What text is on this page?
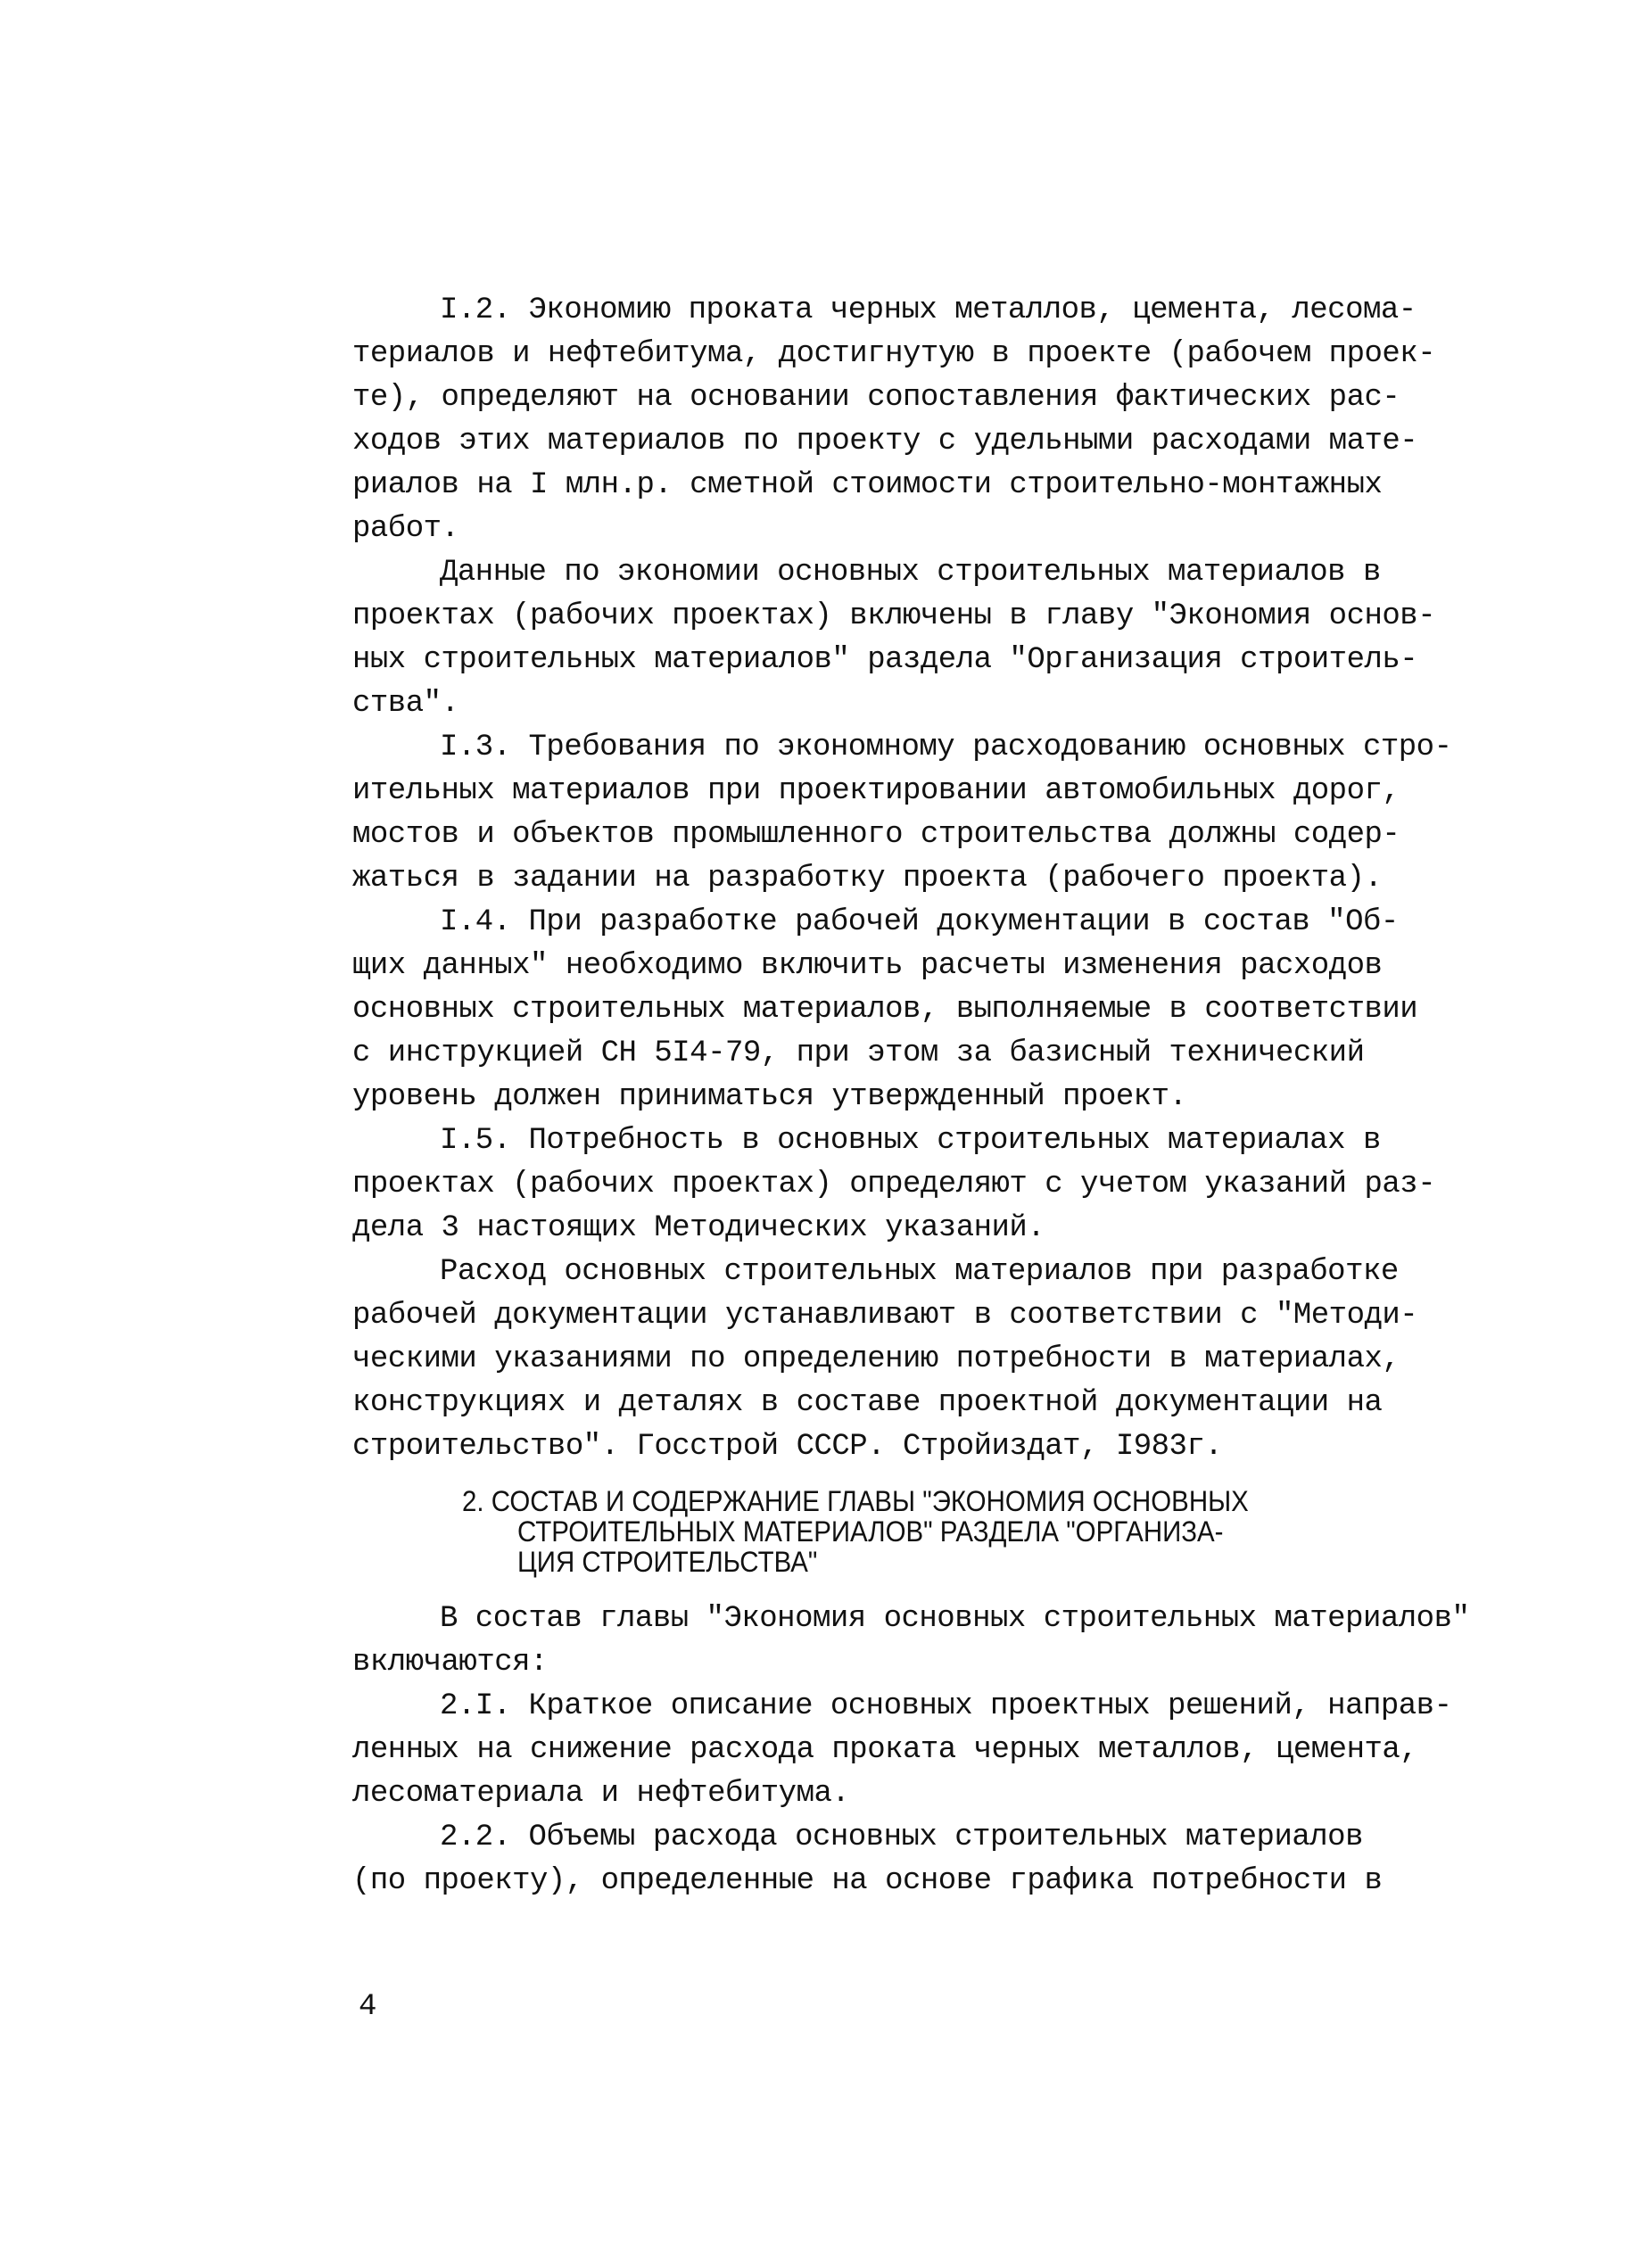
I.2. Экономию проката черных металлов, цемента, лесома-
териалов и нефтебитума, достигнутую в проекте (рабочем проек-
те), определяют на основании сопоставления фактических рас-
ходов этих материалов по проекту с удельными расходами мате-
риалов на I млн.р. сметной стоимости строительно-монтажных
работ.
Данные по экономии основных строительных материалов в
проектах (рабочих проектах) включены в главу "Экономия основ-
ных строительных материалов" раздела "Организация строитель-
ства".
I.3. Требования по экономному расходованию основных стро-
ительных материалов при проектировании автомобильных дорог,
мостов и объектов промышленного строительства должны содер-
жаться в задании на разработку проекта (рабочего проекта).
I.4. При разработке рабочей документации в состав "Об-
щих данных" необходимо включить расчеты изменения расходов
основных строительных материалов, выполняемые в соответствии
с инструкцией СН 5I4-79, при этом за базисный технический
уровень должен приниматься утвержденный проект.
I.5. Потребность в основных строительных материалах в
проектах (рабочих проектах) определяют с учетом указаний раз-
дела 3 настоящих Методических указаний.
Расход основных строительных материалов при разработке
рабочей документации устанавливают в соответствии с "Методи-
ческими указаниями по определению потребности в материалах,
конструкциях и деталях в составе проектной документации на
строительство". Госстрой СССР. Стройиздат, I983г.
2. СОСТАВ И СОДЕРЖАНИЕ ГЛАВЫ "ЭКОНОМИЯ ОСНОВНЫХ
СТРОИТЕЛЬНЫХ МАТЕРИАЛОВ" РАЗДЕЛА "ОРГАНИЗА-
ЦИЯ СТРОИТЕЛЬСТВА"
В состав главы "Экономия основных строительных материалов"
включаются:
2.I. Краткое описание основных проектных решений, направ-
ленных на снижение расхода проката черных металлов, цемента,
лесоматериала и нефтебитума.
2.2. Объемы расхода основных строительных материалов
(по проекту), определенные на основе графика потребности в
4
